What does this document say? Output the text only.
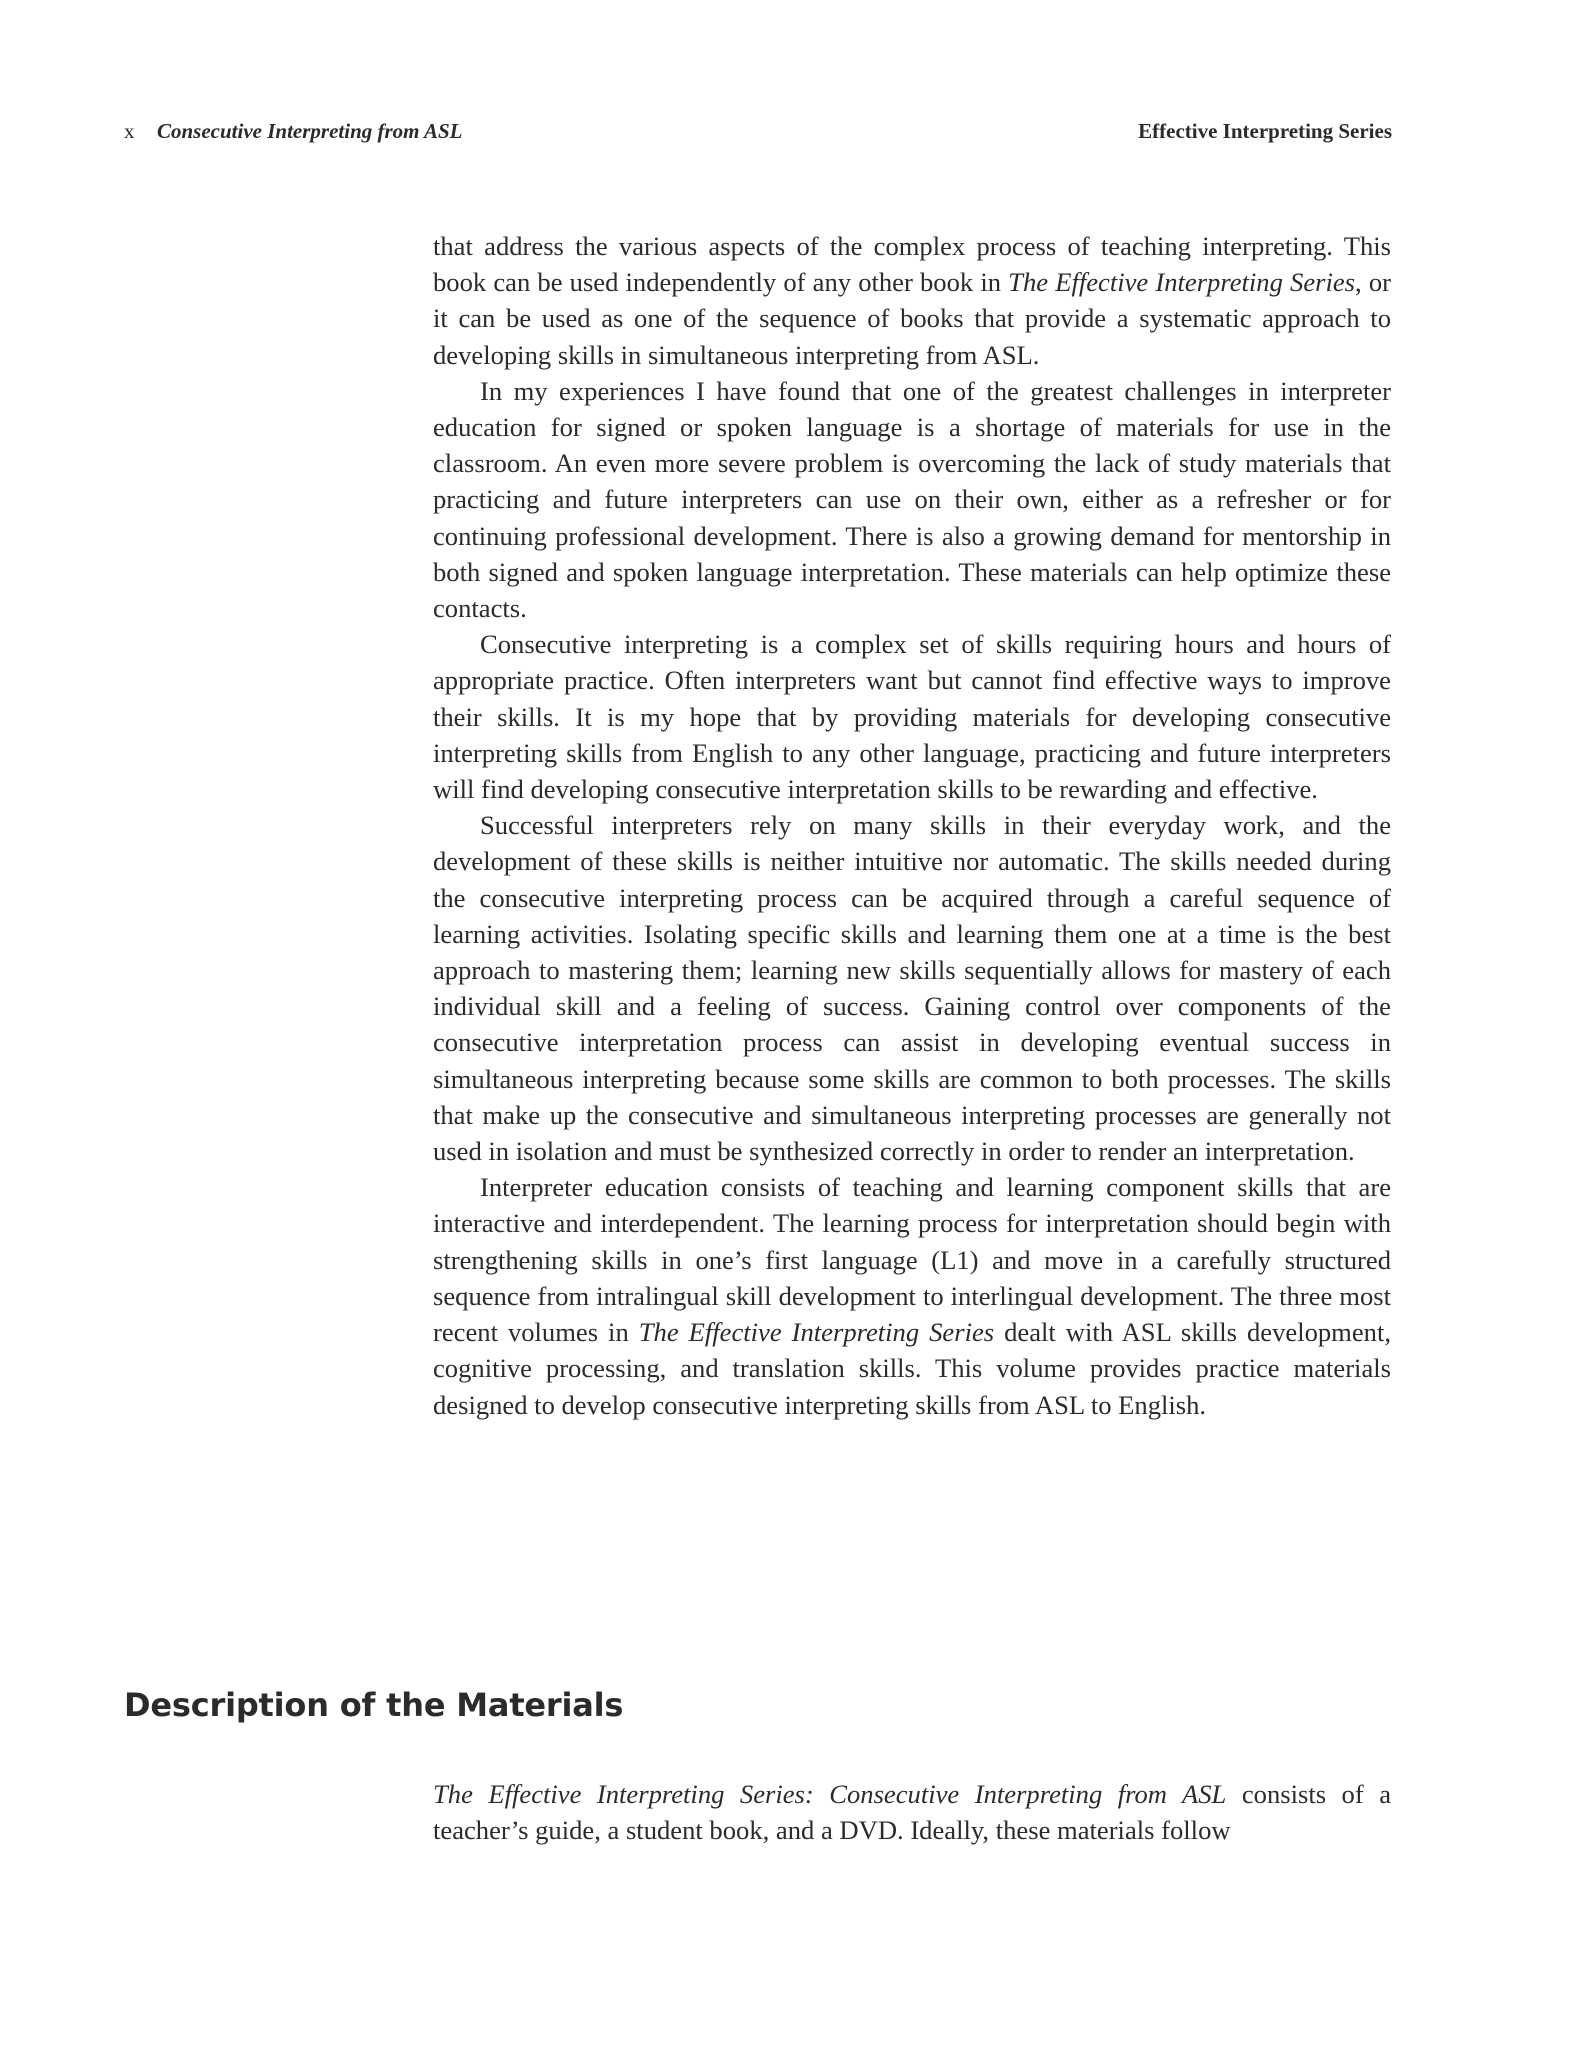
x Consecutive Interpreting from ASL	Effective Interpreting Series

that address the various aspects of the complex process of teaching interpreting. This book can be used independently of any other book in The Effective Interpreting Series, or it can be used as one of the sequence of books that provide a systematic approach to developing skills in simultaneous interpreting from ASL.

In my experiences I have found that one of the greatest challenges in interpreter education for signed or spoken language is a shortage of materials for use in the classroom. An even more severe problem is overcoming the lack of study materials that practicing and future interpreters can use on their own, either as a refresher or for continuing professional development. There is also a growing demand for mentorship in both signed and spoken language interpretation. These materials can help optimize these contacts.

Consecutive interpreting is a complex set of skills requiring hours and hours of appropriate practice. Often interpreters want but cannot find effective ways to improve their skills. It is my hope that by providing materials for developing consecutive interpreting skills from English to any other language, practicing and future interpreters will find developing consecutive interpretation skills to be rewarding and effective.

Successful interpreters rely on many skills in their everyday work, and the development of these skills is neither intuitive nor automatic. The skills needed during the consecutive interpreting process can be acquired through a careful sequence of learning activities. Isolating specific skills and learning them one at a time is the best approach to mastering them; learning new skills sequentially allows for mastery of each individual skill and a feeling of success. Gaining control over components of the consecutive interpretation process can assist in developing eventual success in simultaneous interpreting because some skills are common to both processes. The skills that make up the consecutive and simultaneous interpreting processes are generally not used in isolation and must be synthesized correctly in order to render an interpretation.

Interpreter education consists of teaching and learning component skills that are interactive and interdependent. The learning process for interpretation should begin with strengthening skills in one’s first language (L1) and move in a carefully structured sequence from intralingual skill development to interlingual development. The three most recent volumes in The Effective Interpreting Series dealt with ASL skills development, cognitive processing, and translation skills. This volume provides practice materials designed to develop consecutive interpreting skills from ASL to English.

Description of the Materials

The Effective Interpreting Series: Consecutive Interpreting from ASL consists of a teacher’s guide, a student book, and a DVD. Ideally, these materials follow
